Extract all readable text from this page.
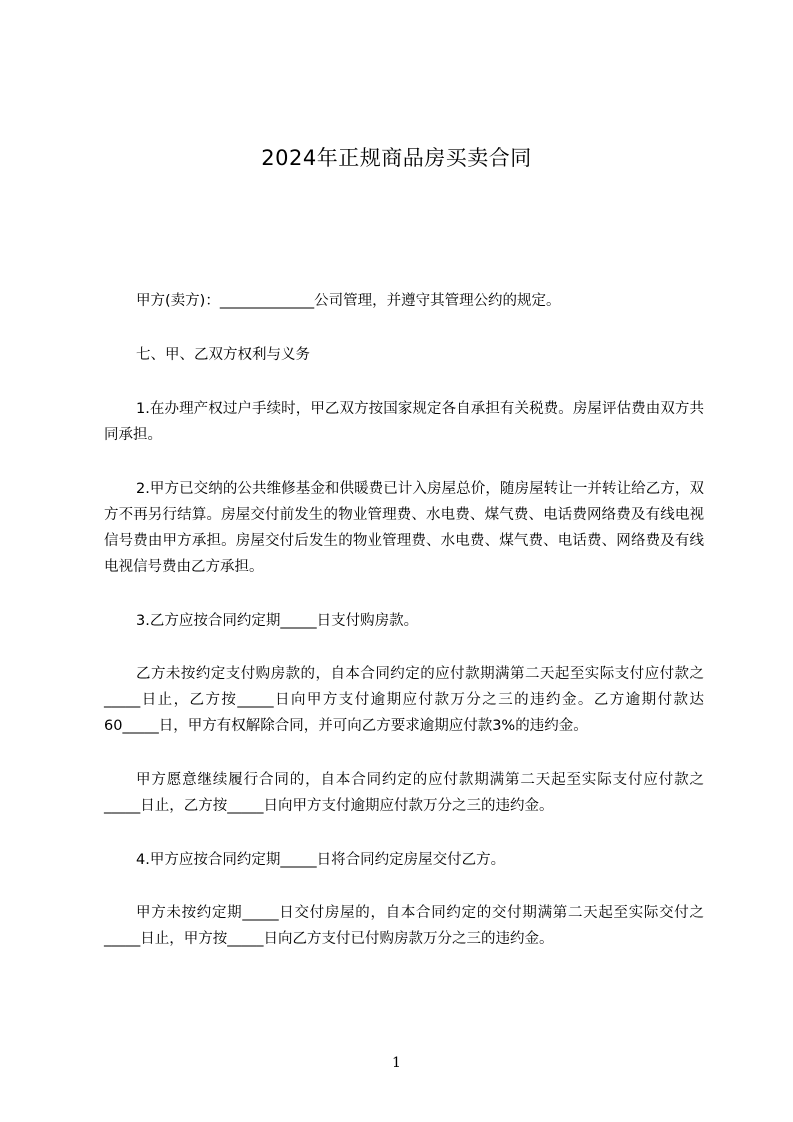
2024年正规商品房买卖合同

甲方(卖方)：_____________公司管理，并遵守其管理公约的规定。

七、甲、乙双方权利与义务

1.在办理产权过户手续时，甲乙双方按国家规定各自承担有关税费。房屋评估费由双方共同承担。

2.甲方已交纳的公共维修基金和供暖费已计入房屋总价，随房屋转让一并转让给乙方，双方不再另行结算。房屋交付前发生的物业管理费、水电费、煤气费、电话费网络费及有线电视信号费由甲方承担。房屋交付后发生的物业管理费、水电费、煤气费、电话费、网络费及有线电视信号费由乙方承担。

3.乙方应按合同约定期_____日支付购房款。

乙方未按约定支付购房款的，自本合同约定的应付款期满第二天起至实际支付应付款之_____日止，乙方按_____日向甲方支付逾期应付款万分之三的违约金。乙方逾期付款达60_____日，甲方有权解除合同，并可向乙方要求逾期应付款3%的违约金。

甲方愿意继续履行合同的，自本合同约定的应付款期满第二天起至实际支付应付款之_____日止，乙方按_____日向甲方支付逾期应付款万分之三的违约金。

4.甲方应按合同约定期_____日将合同约定房屋交付乙方。

甲方未按约定期_____日交付房屋的，自本合同约定的交付期满第二天起至实际交付之_____日止，甲方按_____日向乙方支付已付购房款万分之三的违约金。

1
